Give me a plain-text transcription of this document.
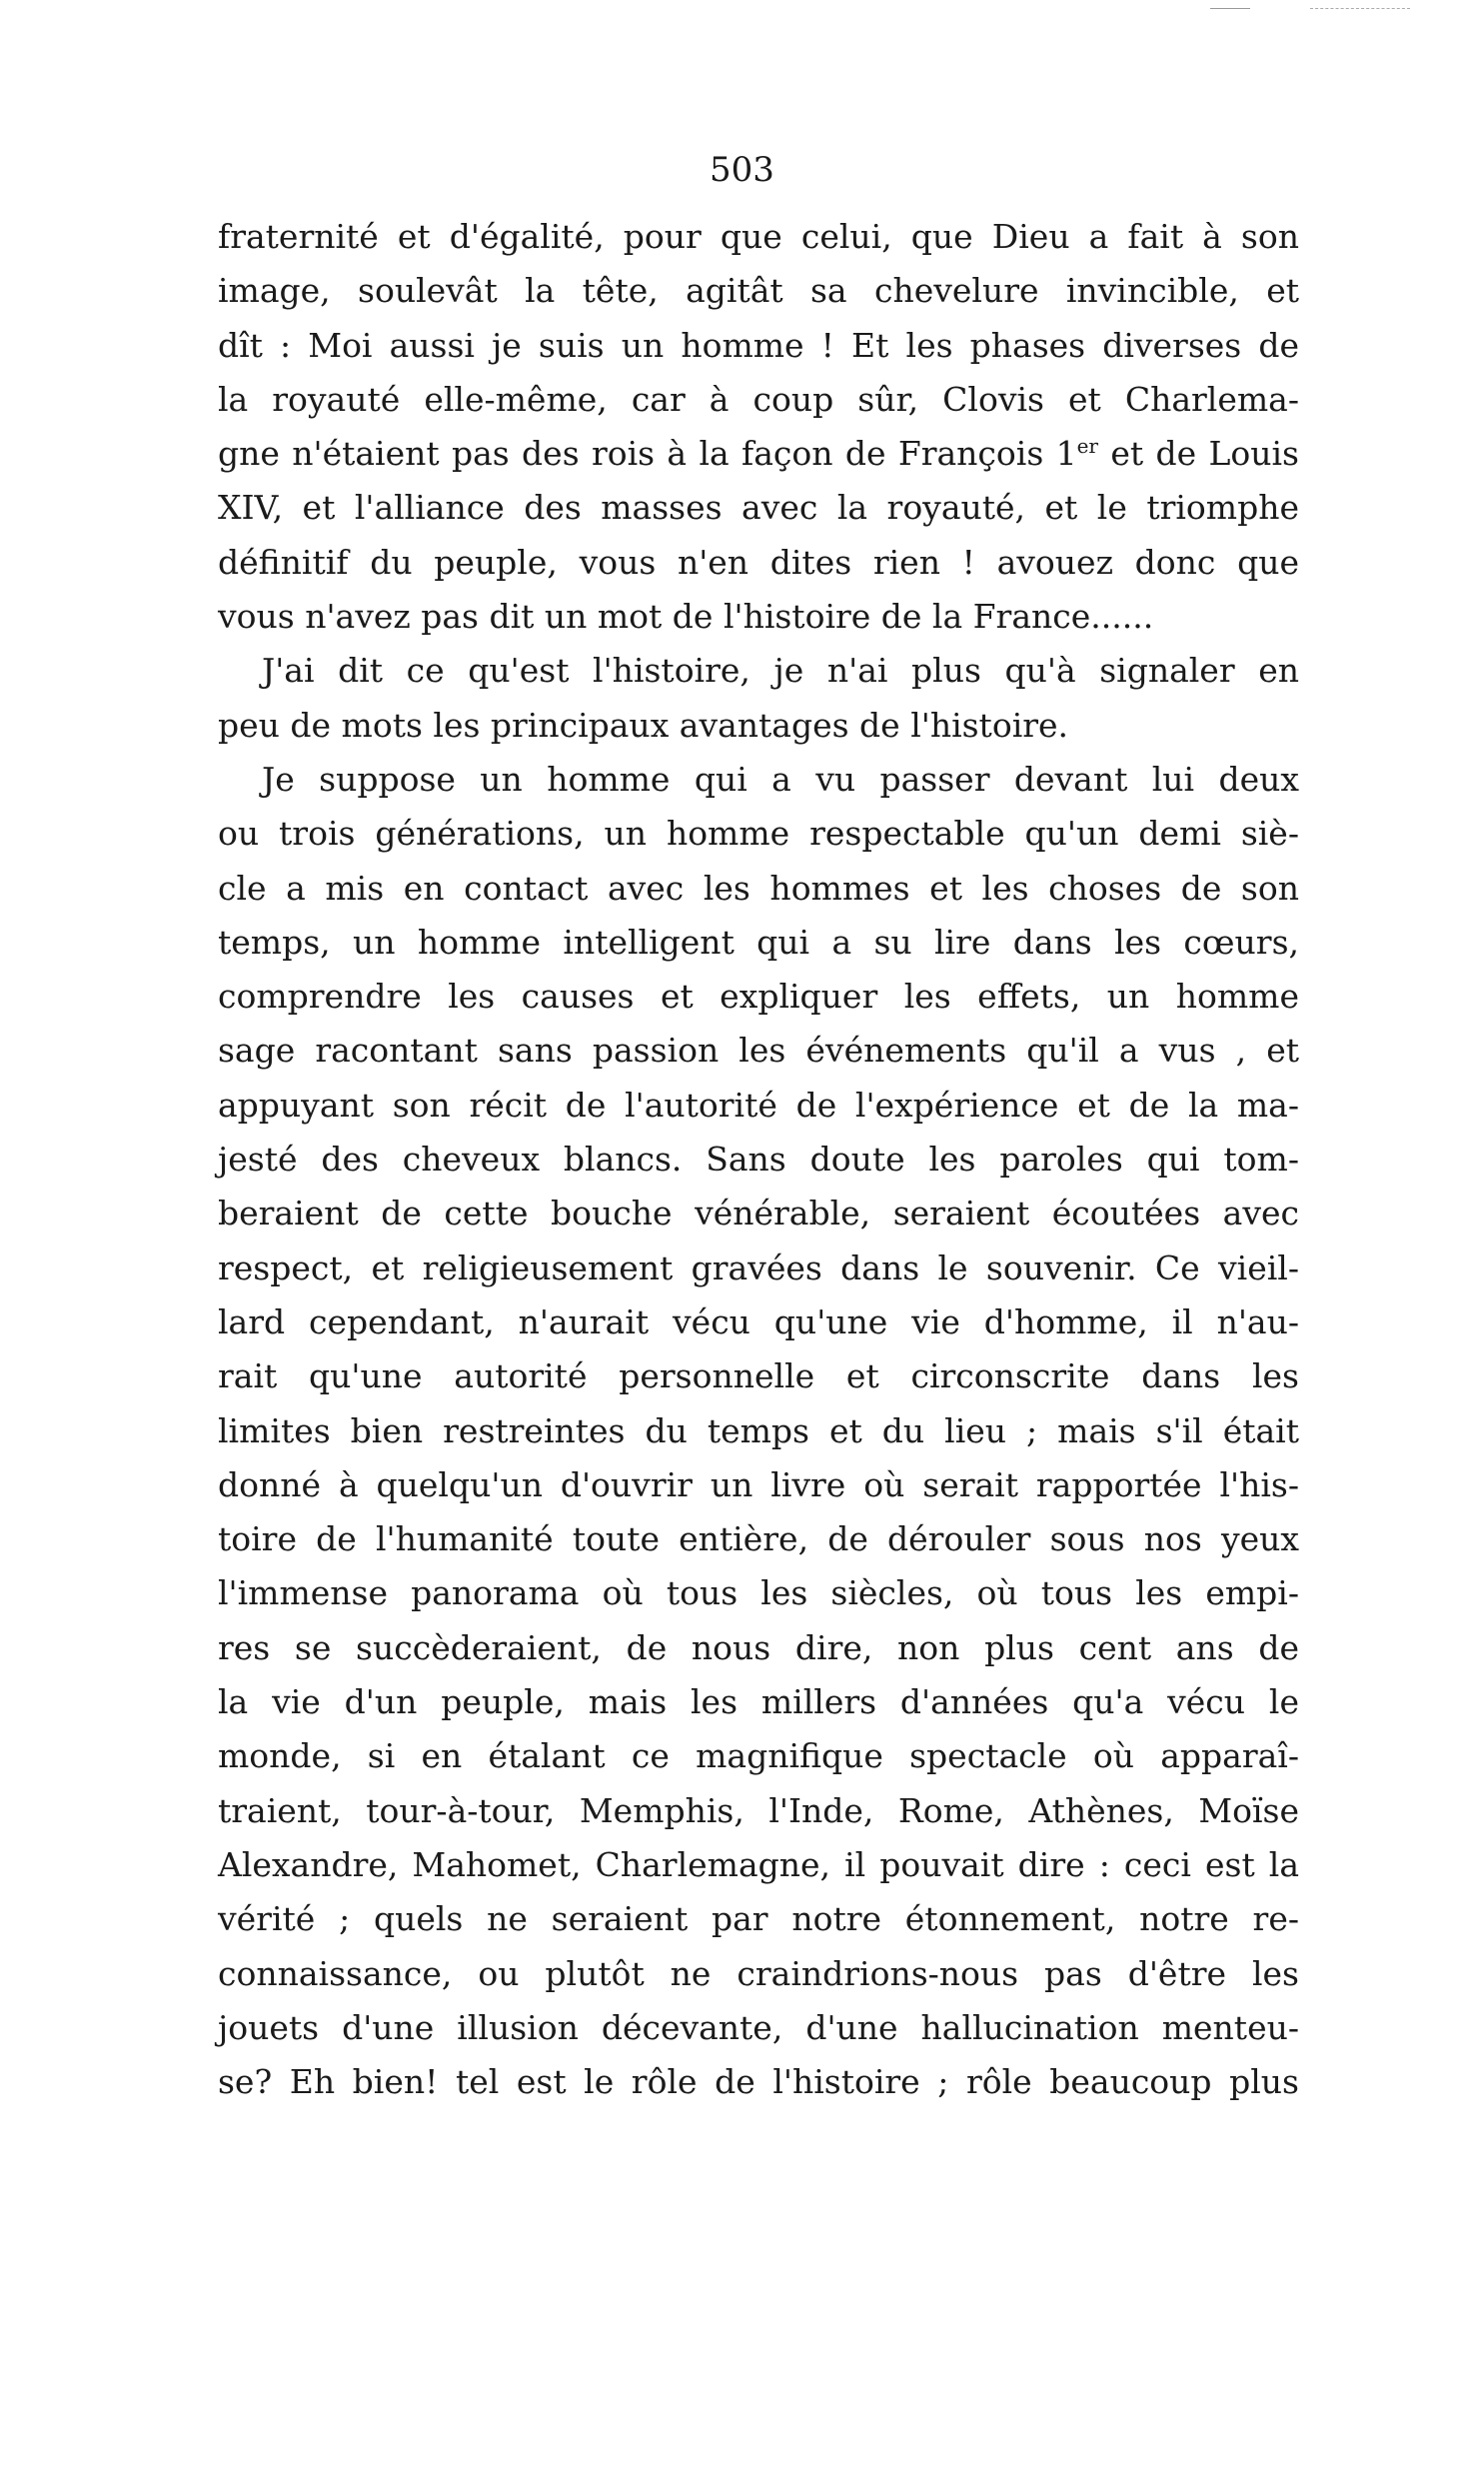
503
fraternité et d'égalité, pour que celui, que Dieu a fait à son
image, soulevât la tête, agitât sa chevelure invincible, et
dît : Moi aussi je suis un homme ! Et les phases diverses de
la royauté elle-même, car à coup sûr, Clovis et Charlema-
gne n'étaient pas des rois à la façon de François 1er et de Louis
XIV, et l'alliance des masses avec la royauté, et le triomphe
définitif du peuple, vous n'en dites rien ! avouez donc que
vous n'avez pas dit un mot de l'histoire de la France......
J'ai dit ce qu'est l'histoire, je n'ai plus qu'à signaler en
peu de mots les principaux avantages de l'histoire.
Je suppose un homme qui a vu passer devant lui deux
ou trois générations, un homme respectable qu'un demi siè-
cle a mis en contact avec les hommes et les choses de son
temps, un homme intelligent qui a su lire dans les cœurs,
comprendre les causes et expliquer les effets, un homme
sage racontant sans passion les événements qu'il a vus , et
appuyant son récit de l'autorité de l'expérience et de la ma-
jesté des cheveux blancs. Sans doute les paroles qui tom-
beraient de cette bouche vénérable, seraient écoutées avec
respect, et religieusement gravées dans le souvenir. Ce vieil-
lard cependant, n'aurait vécu qu'une vie d'homme, il n'au-
rait qu'une autorité personnelle et circonscrite dans les
limites bien restreintes du temps et du lieu ; mais s'il était
donné à quelqu'un d'ouvrir un livre où serait rapportée l'his-
toire de l'humanité toute entière, de dérouler sous nos yeux
l'immense panorama où tous les siècles, où tous les empi-
res se succèderaient, de nous dire, non plus cent ans de
la vie d'un peuple, mais les millers d'années qu'a vécu le
monde, si en étalant ce magnifique spectacle où apparaî-
traient, tour-à-tour, Memphis, l'Inde, Rome, Athènes, Moïse
Alexandre, Mahomet, Charlemagne, il pouvait dire : ceci est la
vérité ; quels ne seraient par notre étonnement, notre re-
connaissance, ou plutôt ne craindrions-nous pas d'être les
jouets d'une illusion décevante, d'une hallucination menteu-
se? Eh bien! tel est le rôle de l'histoire ; rôle beaucoup plus
